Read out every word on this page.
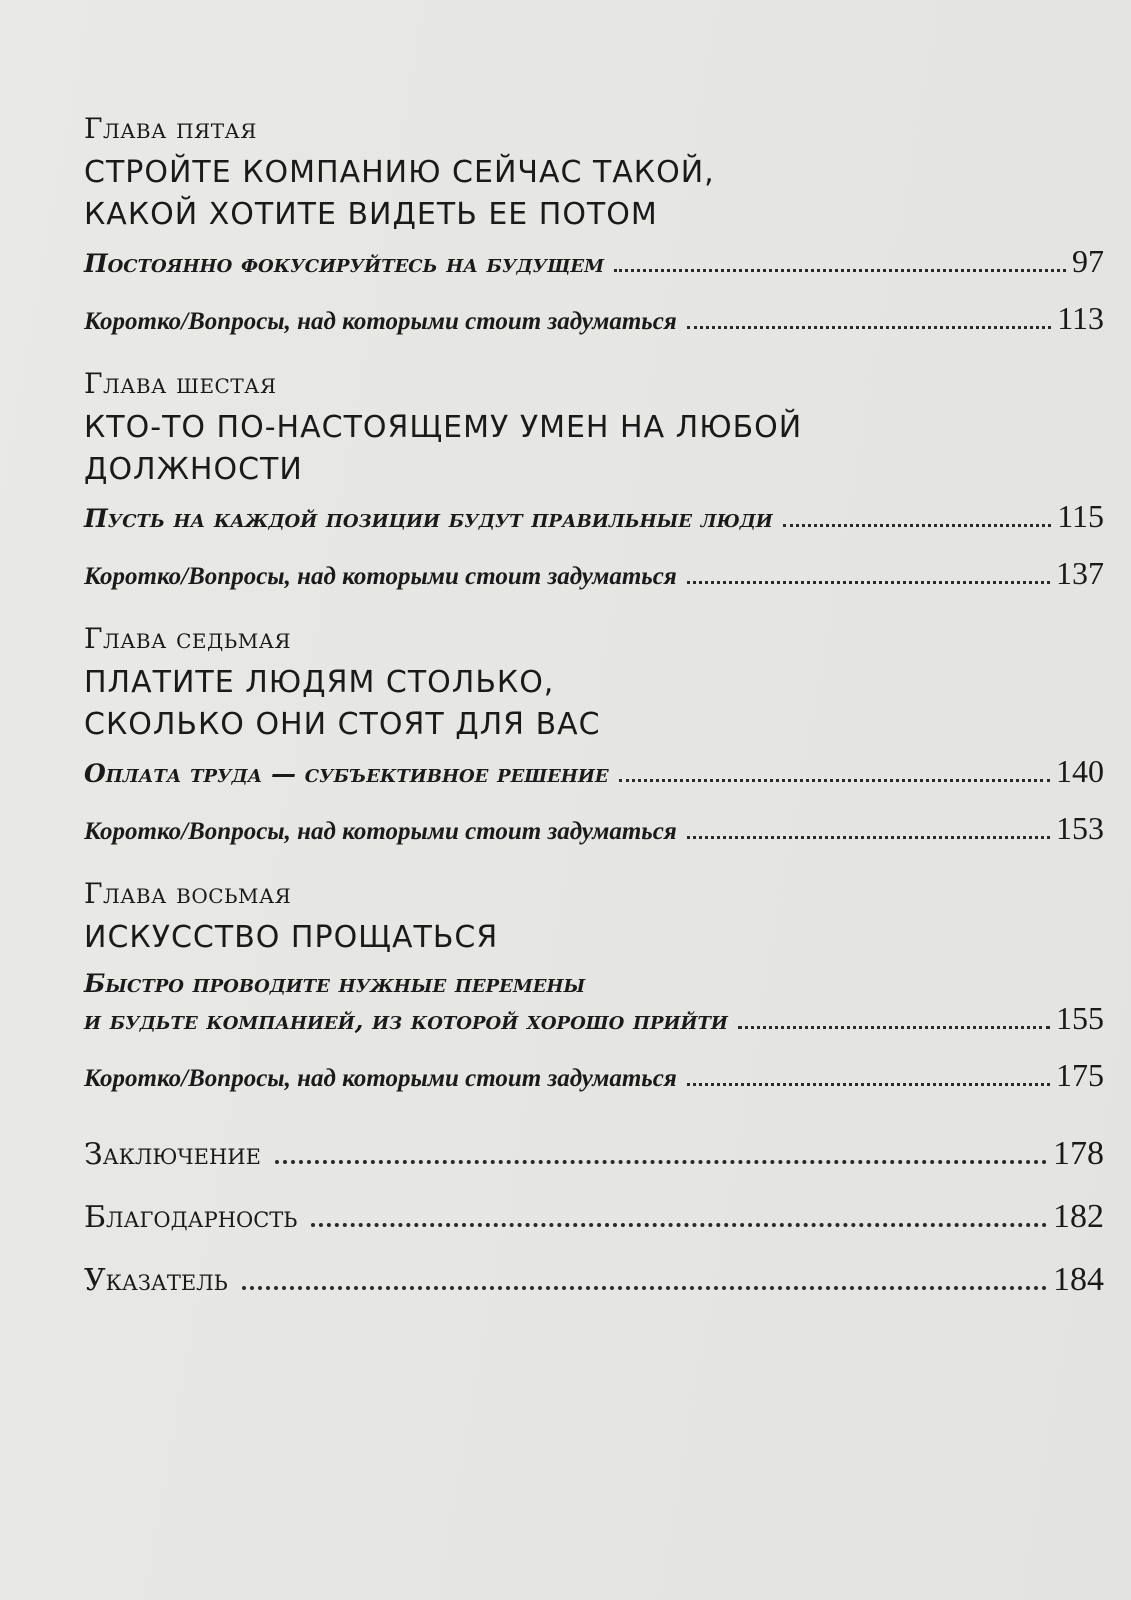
Глава пятая
СТРОЙТЕ КОМПАНИЮ СЕЙЧАС ТАКОЙ,
КАКОЙ ХОТИТЕ ВИДЕТЬ ЕЕ ПОТОМ
Постоянно фокусируйтесь на будущем	97
Коротко/Вопросы, над которыми стоит задуматься	113
Глава шестая
КТО-ТО ПО-НАСТОЯЩЕМУ УМЕН НА ЛЮБОЙ
ДОЛЖНОСТИ
Пусть на каждой позиции будут правильные люди	115
Коротко/Вопросы, над которыми стоит задуматься	137
Глава седьмая
ПЛАТИТЕ ЛЮДЯМ СТОЛЬКО,
СКОЛЬКО ОНИ СТОЯТ ДЛЯ ВАС
Оплата труда — субъективное решение	140
Коротко/Вопросы, над которыми стоит задуматься	153
Глава восьмая
ИСКУССТВО ПРОЩАТЬСЯ
Быстро проводите нужные перемены
и будьте компанией, из которой хорошо прийти	155
Коротко/Вопросы, над которыми стоит задуматься	175
Заключение	178
Благодарность	182
Указатель	184
